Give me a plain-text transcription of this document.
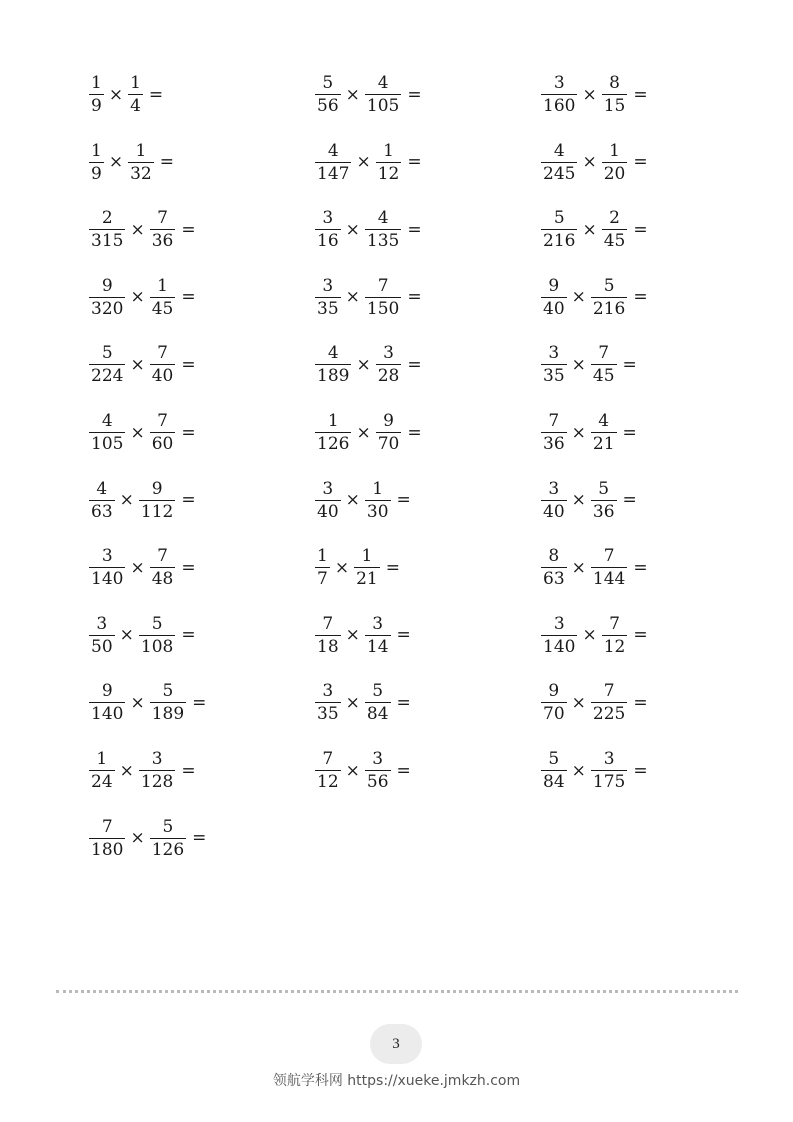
$\frac{1}{9} \times \frac{1}{4}$ =	$\frac{5}{56} \times \frac{4}{105}$ =	$\frac{3}{160} \times \frac{8}{15}$ =
$\frac{1}{9} \times \frac{1}{32}$ =	$\frac{4}{147} \times \frac{1}{12}$ =	$\frac{4}{245} \times \frac{1}{20}$ =
$\frac{2}{315} \times \frac{7}{36}$ =	$\frac{3}{16} \times \frac{4}{135}$ =	$\frac{5}{216} \times \frac{2}{45}$ =
$\frac{9}{320} \times \frac{1}{45}$ =	$\frac{3}{35} \times \frac{7}{150}$ =	$\frac{9}{40} \times \frac{5}{216}$ =
$\frac{5}{224} \times \frac{7}{40}$ =	$\frac{4}{189} \times \frac{3}{28}$ =	$\frac{3}{35} \times \frac{7}{45}$ =
$\frac{4}{105} \times \frac{7}{60}$ =	$\frac{1}{126} \times \frac{9}{70}$ =	$\frac{7}{36} \times \frac{4}{21}$ =
$\frac{4}{63} \times \frac{9}{112}$ =	$\frac{3}{40} \times \frac{1}{30}$ =	$\frac{3}{40} \times \frac{5}{36}$ =
$\frac{3}{140} \times \frac{7}{48}$ =	$\frac{1}{7} \times \frac{1}{21}$ =	$\frac{8}{63} \times \frac{7}{144}$ =
$\frac{3}{50} \times \frac{5}{108}$ =	$\frac{7}{18} \times \frac{3}{14}$ =	$\frac{3}{140} \times \frac{7}{12}$ =
$\frac{9}{140} \times \frac{5}{189}$ =	$\frac{3}{35} \times \frac{5}{84}$ =	$\frac{9}{70} \times \frac{7}{225}$ =
$\frac{1}{24} \times \frac{3}{128}$ =	$\frac{7}{12} \times \frac{3}{56}$ =	$\frac{5}{84} \times \frac{3}{175}$ =
$\frac{7}{180} \times \frac{5}{126}$ =
3
领航学科网 https://xueke.jmkzh.com
